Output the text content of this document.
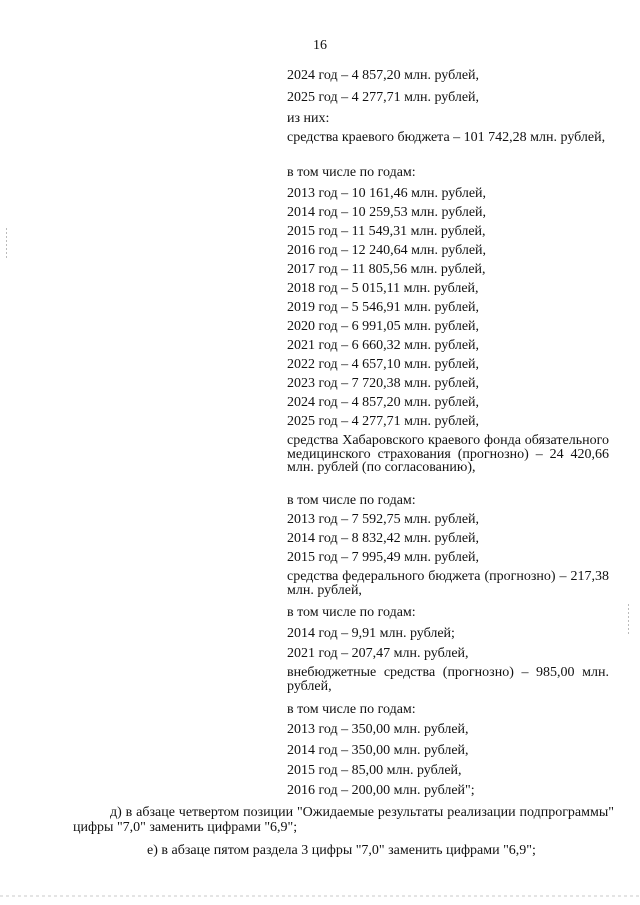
16
2024 год – 4 857,20 млн. рублей,
2025 год – 4 277,71 млн. рублей,
из них:
средства краевого бюджета – 101 742,28 млн. рублей,
в том числе по годам:
2013 год – 10 161,46 млн. рублей,
2014 год – 10 259,53 млн. рублей,
2015 год – 11 549,31 млн. рублей,
2016 год – 12 240,64 млн. рублей,
2017 год – 11 805,56 млн. рублей,
2018 год – 5 015,11 млн. рублей,
2019 год – 5 546,91 млн. рублей,
2020 год – 6 991,05 млн. рублей,
2021 год – 6 660,32 млн. рублей,
2022 год – 4 657,10 млн. рублей,
2023 год – 7 720,38 млн. рублей,
2024 год – 4 857,20 млн. рублей,
2025 год – 4 277,71 млн. рублей,
средства Хабаровского краевого фонда обязательного медицинского страхования (прогнозно) – 24 420,66 млн. рублей (по согласованию),
в том числе по годам:
2013 год – 7 592,75 млн. рублей,
2014 год – 8 832,42 млн. рублей,
2015 год – 7 995,49 млн. рублей,
средства федерального бюджета (прогнозно) – 217,38 млн. рублей,
в том числе по годам:
2014 год – 9,91 млн. рублей;
2021 год – 207,47 млн. рублей,
внебюджетные средства (прогнозно) – 985,00 млн. рублей,
в том числе по годам:
2013 год – 350,00 млн. рублей,
2014 год – 350,00 млн. рублей,
2015 год – 85,00 млн. рублей,
2016 год – 200,00 млн. рублей";
д) в абзаце четвертом позиции "Ожидаемые результаты реализации подпрограммы" цифры "7,0" заменить цифрами "6,9";
е) в абзаце пятом раздела 3 цифры "7,0" заменить цифрами "6,9";
